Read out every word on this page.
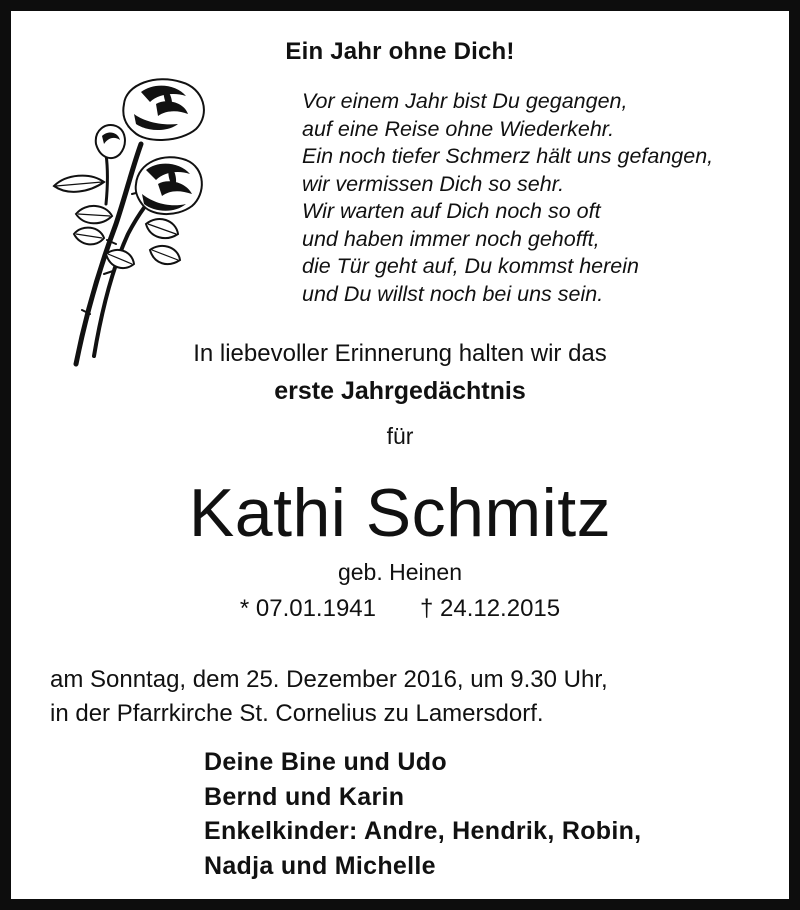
Ein Jahr ohne Dich!
Vor einem Jahr bist Du gegangen,
auf eine Reise ohne Wiederkehr.
Ein noch tiefer Schmerz hält uns gefangen,
wir vermissen Dich so sehr.
Wir warten auf Dich noch so oft
und haben immer noch gehofft,
die Tür geht auf, Du kommst herein
und Du willst noch bei uns sein.
In liebevoller Erinnerung halten wir das
erste Jahrgedächtnis
für
Kathi Schmitz
geb. Heinen
* 07.01.1941 † 24.12.2015
am Sonntag, dem 25. Dezember 2016, um 9.30 Uhr,
in der Pfarrkirche St. Cornelius zu Lamersdorf.
Deine Bine und Udo
Bernd und Karin
Enkelkinder: Andre, Hendrik, Robin,
Nadja und Michelle
